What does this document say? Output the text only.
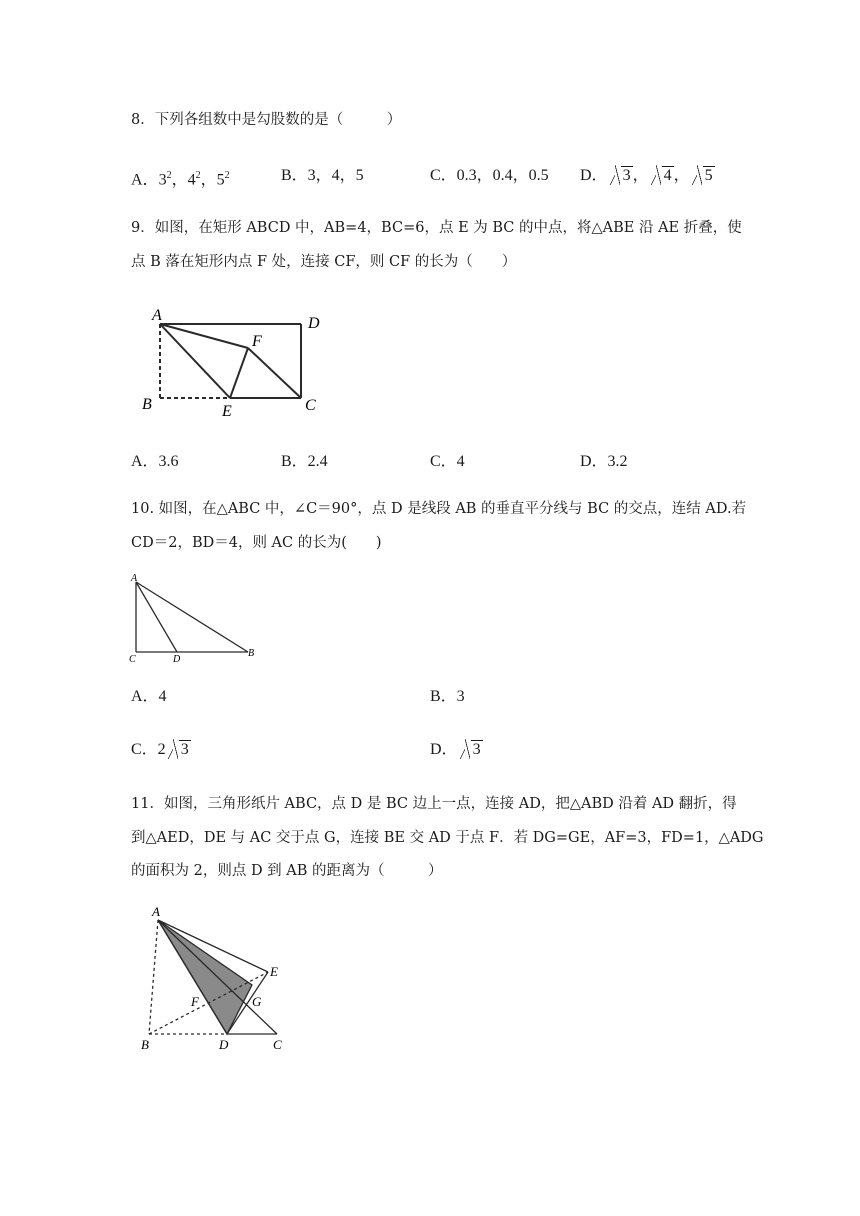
8．下列各组数中是勾股数的是（　　　）
A．$3^2$，$4^2$，$5^2$	B．3，4，5	C．0.3，0.4，0.5 D． 3 ， 4 ， 5
9．如图，在矩形 ABCD 中，AB=4，BC=6，点 E 为 BC 的中点，将△ABE 沿 AE 折叠，使
点 B 落在矩形内点 F 处，连接 CF，则 CF 的长为（　　）
A	D
F
B	E	C
A．3.6	B．2.4	C．4	D．3.2
10. 如图，在△ABC 中，∠C＝90°，点 D 是线段 AB 的垂直平分线与 BC 的交点，连结 AD.若
CD＝2，BD＝4，则 AC 的长为(　　)
A
C	D
B
A．4	B．3
C．2 3	D． 3
11．如图，三角形纸片 ABC，点 D 是 BC 边上一点，连接 AD，把△ABD 沿着 AD 翻折，得
到△AED，DE 与 AC 交于点 G，连接 BE 交 AD 于点 F．若 DG=GE，AF=3，FD=1，△ADG
的面积为 2，则点 D 到 AB 的距离为（　　　）
A
E
F	G
B	D	C
